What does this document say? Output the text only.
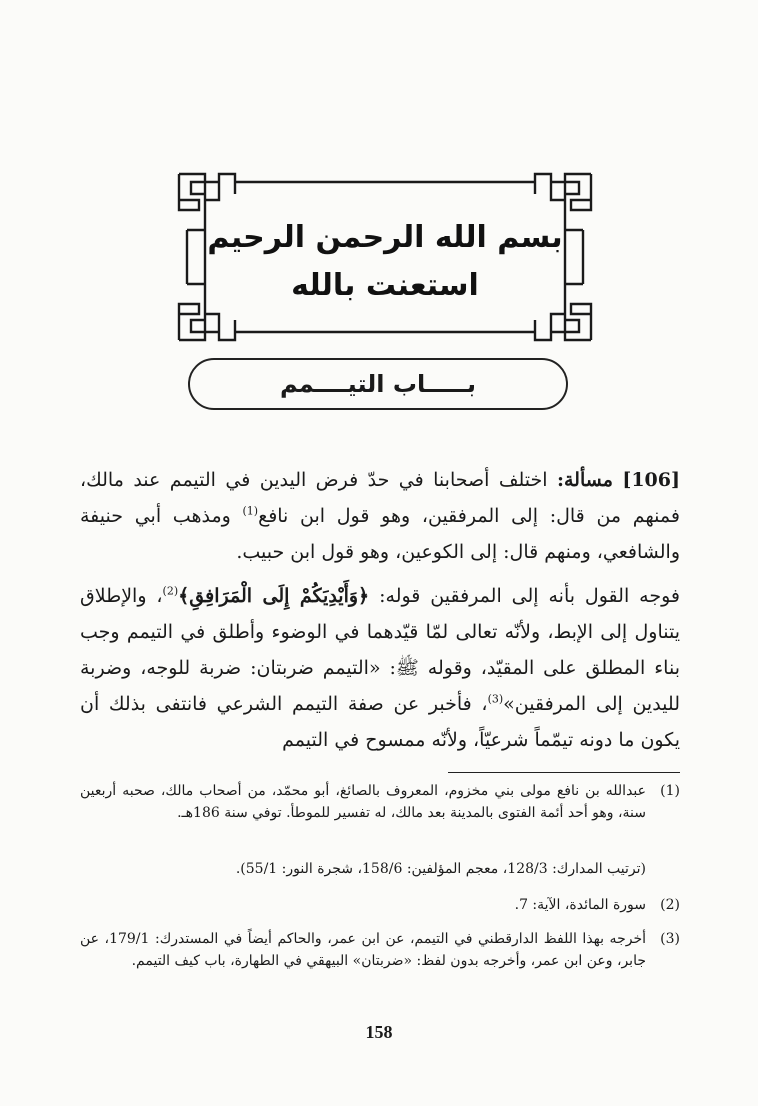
بسم الله الرحمن الرحيم
استعنت بالله
بـــــاب التيــــمم
[106] مسألة: اختلف أصحابنا في حدّ فرض اليدين في التيمم عند مالك، فمنهم من قال: إلى المرفقين، وهو قول ابن نافع$^{(1)}$ ومذهب أبي حنيفة والشافعي، ومنهم قال: إلى الكوعين، وهو قول ابن حبيب.
فوجه القول بأنه إلى المرفقين قوله: ﴿وَأَيْدِيَكُمْ إِلَى الْمَرَافِقِ﴾$^{(2)}$، والإطلاق يتناول إلى الإبط، ولأنّه تعالى لمّا قيّدهما في الوضوء وأطلق في التيمم وجب بناء المطلق على المقيّد، وقوله ﷺ: «التيمم ضربتان: ضربة للوجه، وضربة لليدين إلى المرفقين»$^{(3)}$، فأخبر عن صفة التيمم الشرعي فانتفى بذلك أن يكون ما دونه تيمّماً شرعيّاً، ولأنّه ممسوح في التيمم
(1)
عبدالله بن نافع مولى بني مخزوم، المعروف بالصائغ، أبو محمّد، من أصحاب مالك، صحبه أربعين سنة، وهو أحد أئمة الفتوى بالمدينة بعد مالك، له تفسير للموطأ. توفي سنة 186هـ.
(ترتيب المدارك: 128/3، معجم المؤلفين: 158/6، شجرة النور: 55/1).
(2)
سورة المائدة، الآية: 7.
(3)
أخرجه بهذا اللفظ الدارقطني في التيمم، عن ابن عمر، والحاكم أيضاً في المستدرك: 179/1، عن جابر، وعن ابن عمر، وأخرجه بدون لفظ: «ضربتان» البيهقي في الطهارة، باب كيف التيمم.
158
